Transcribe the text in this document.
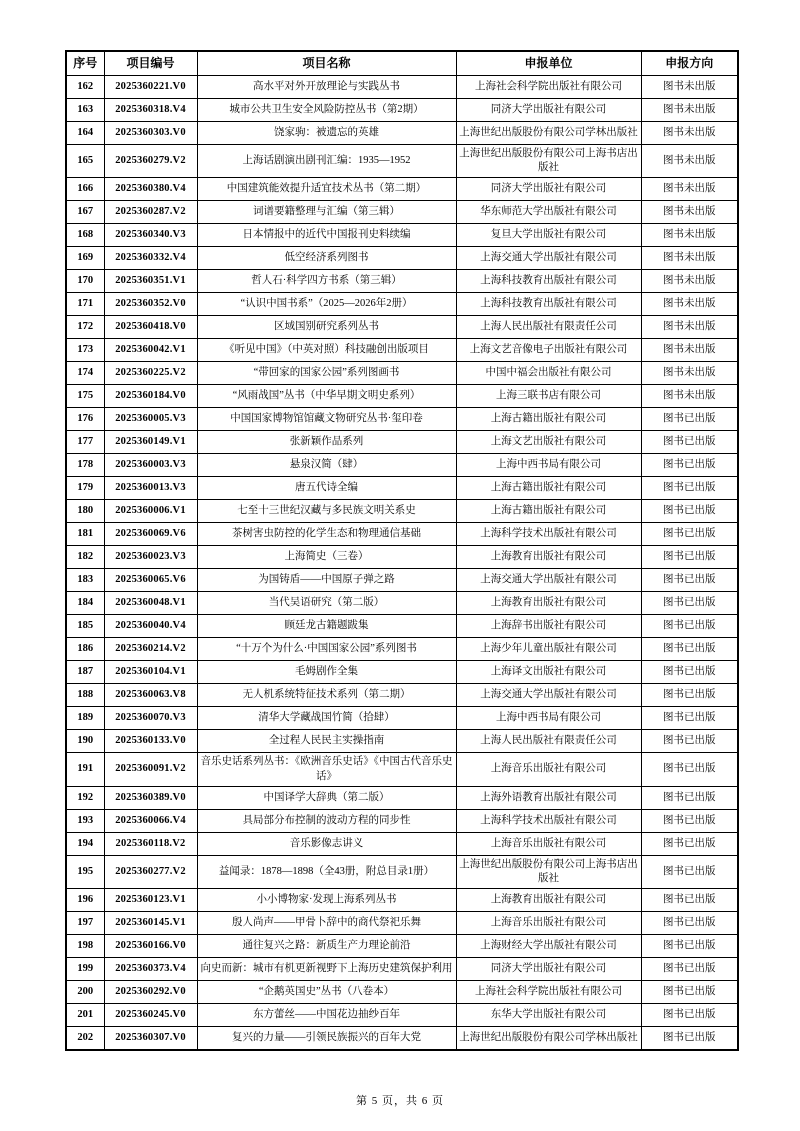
序号	项目编号	项目名称	申报单位	申报方向
162	2025360221.V0	高水平对外开放理论与实践丛书	上海社会科学院出版社有限公司	图书未出版
163	2025360318.V4	城市公共卫生安全风险防控丛书（第2期）	同济大学出版社有限公司	图书未出版
164	2025360303.V0	饶家驹：被遗忘的英雄	上海世纪出版股份有限公司学林出版社	图书未出版
165	2025360279.V2	上海话剧演出剧刊汇编：1935—1952	上海世纪出版股份有限公司上海书店出版社	图书未出版
166	2025360380.V4	中国建筑能效提升适宜技术丛书（第二期）	同济大学出版社有限公司	图书未出版
167	2025360287.V2	词谱要籍整理与汇编（第三辑）	华东师范大学出版社有限公司	图书未出版
168	2025360340.V3	日本情报中的近代中国报刊史料续编	复旦大学出版社有限公司	图书未出版
169	2025360332.V4	低空经济系列图书	上海交通大学出版社有限公司	图书未出版
170	2025360351.V1	哲人石·科学四方书系（第三辑）	上海科技教育出版社有限公司	图书未出版
171	2025360352.V0	“认识中国书系”（2025—2026年2册）	上海科技教育出版社有限公司	图书未出版
172	2025360418.V0	区域国别研究系列丛书	上海人民出版社有限责任公司	图书未出版
173	2025360042.V1	《听见中国》（中英对照）科技融创出版项目	上海文艺音像电子出版社有限公司	图书未出版
174	2025360225.V2	“带回家的国家公园”系列图画书	中国中福会出版社有限公司	图书未出版
175	2025360184.V0	“风雨战国”丛书（中华早期文明史系列）	上海三联书店有限公司	图书未出版
176	2025360005.V3	中国国家博物馆馆藏文物研究丛书·玺印卷	上海古籍出版社有限公司	图书已出版
177	2025360149.V1	张新颖作品系列	上海文艺出版社有限公司	图书已出版
178	2025360003.V3	悬泉汉简（肆）	上海中西书局有限公司	图书已出版
179	2025360013.V3	唐五代诗全编	上海古籍出版社有限公司	图书已出版
180	2025360006.V1	七至十三世纪汉藏与多民族文明关系史	上海古籍出版社有限公司	图书已出版
181	2025360069.V6	茶树害虫防控的化学生态和物理通信基础	上海科学技术出版社有限公司	图书已出版
182	2025360023.V3	上海简史（三卷）	上海教育出版社有限公司	图书已出版
183	2025360065.V6	为国铸盾——中国原子弹之路	上海交通大学出版社有限公司	图书已出版
184	2025360048.V1	当代吴语研究（第二版）	上海教育出版社有限公司	图书已出版
185	2025360040.V4	顾廷龙古籍题跋集	上海辞书出版社有限公司	图书已出版
186	2025360214.V2	“十万个为什么·中国国家公园”系列图书	上海少年儿童出版社有限公司	图书已出版
187	2025360104.V1	毛姆剧作全集	上海译文出版社有限公司	图书已出版
188	2025360063.V8	无人机系统特征技术系列（第二期）	上海交通大学出版社有限公司	图书已出版
189	2025360070.V3	清华大学藏战国竹简（拾肆）	上海中西书局有限公司	图书已出版
190	2025360133.V0	全过程人民民主实操指南	上海人民出版社有限责任公司	图书已出版
191	2025360091.V2	音乐史话系列丛书：《欧洲音乐史话》《中国古代音乐史话》	上海音乐出版社有限公司	图书已出版
192	2025360389.V0	中国译学大辞典（第二版）	上海外语教育出版社有限公司	图书已出版
193	2025360066.V4	具局部分布控制的波动方程的同步性	上海科学技术出版社有限公司	图书已出版
194	2025360118.V2	音乐影像志讲义	上海音乐出版社有限公司	图书已出版
195	2025360277.V2	益闻录：1878—1898（全43册，附总目录1册）	上海世纪出版股份有限公司上海书店出版社	图书已出版
196	2025360123.V1	小小博物家·发现上海系列丛书	上海教育出版社有限公司	图书已出版
197	2025360145.V1	殷人尚声——甲骨卜辞中的商代祭祀乐舞	上海音乐出版社有限公司	图书已出版
198	2025360166.V0	通往复兴之路：新质生产力理论前沿	上海财经大学出版社有限公司	图书已出版
199	2025360373.V4	向史而新：城市有机更新视野下上海历史建筑保护利用	同济大学出版社有限公司	图书已出版
200	2025360292.V0	“企鹅英国史”丛书（八卷本）	上海社会科学院出版社有限公司	图书已出版
201	2025360245.V0	东方蕾丝——中国花边抽纱百年	东华大学出版社有限公司	图书已出版
202	2025360307.V0	复兴的力量——引领民族振兴的百年大党	上海世纪出版股份有限公司学林出版社	图书已出版
第 5 页，共 6 页
